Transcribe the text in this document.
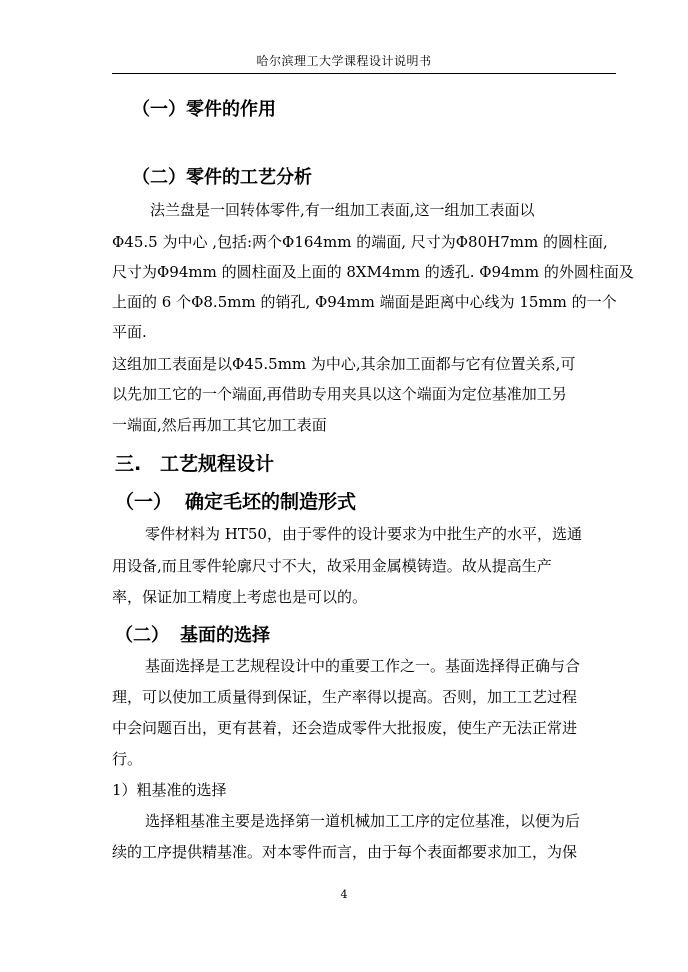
哈尔滨理工大学课程设计说明书
（一）零件的作用
（二）零件的工艺分析
法兰盘是一回转体零件,有一组加工表面,这一组加工表面以
Φ45.5 为中心 ,包括:两个Φ164mm 的端面, 尺寸为Φ80H7mm 的圆柱面,
尺寸为Φ94mm 的圆柱面及上面的 8XM4mm 的透孔. Φ94mm 的外圆柱面及
上面的 6 个Φ8.5mm 的销孔, Φ94mm 端面是距离中心线为 15mm 的一个
平面.
这组加工表面是以Φ45.5mm 为中心,其余加工面都与它有位置关系,可
以先加工它的一个端面,再借助专用夹具以这个端面为定位基准加工另
一端面,然后再加工其它加工表面
三. 工艺规程设计
（一） 确定毛坯的制造形式
零件材料为 HT50，由于零件的设计要求为中批生产的水平，选通
用设备,而且零件轮廓尺寸不大，故采用金属模铸造。故从提高生产
率，保证加工精度上考虑也是可以的。
（二） 基面的选择
基面选择是工艺规程设计中的重要工作之一。基面选择得正确与合
理，可以使加工质量得到保证，生产率得以提高。否则，加工工艺过程
中会问题百出，更有甚着，还会造成零件大批报废，使生产无法正常进
行。
1）粗基准的选择
选择粗基准主要是选择第一道机械加工工序的定位基准，以便为后
续的工序提供精基准。对本零件而言，由于每个表面都要求加工，为保
4
